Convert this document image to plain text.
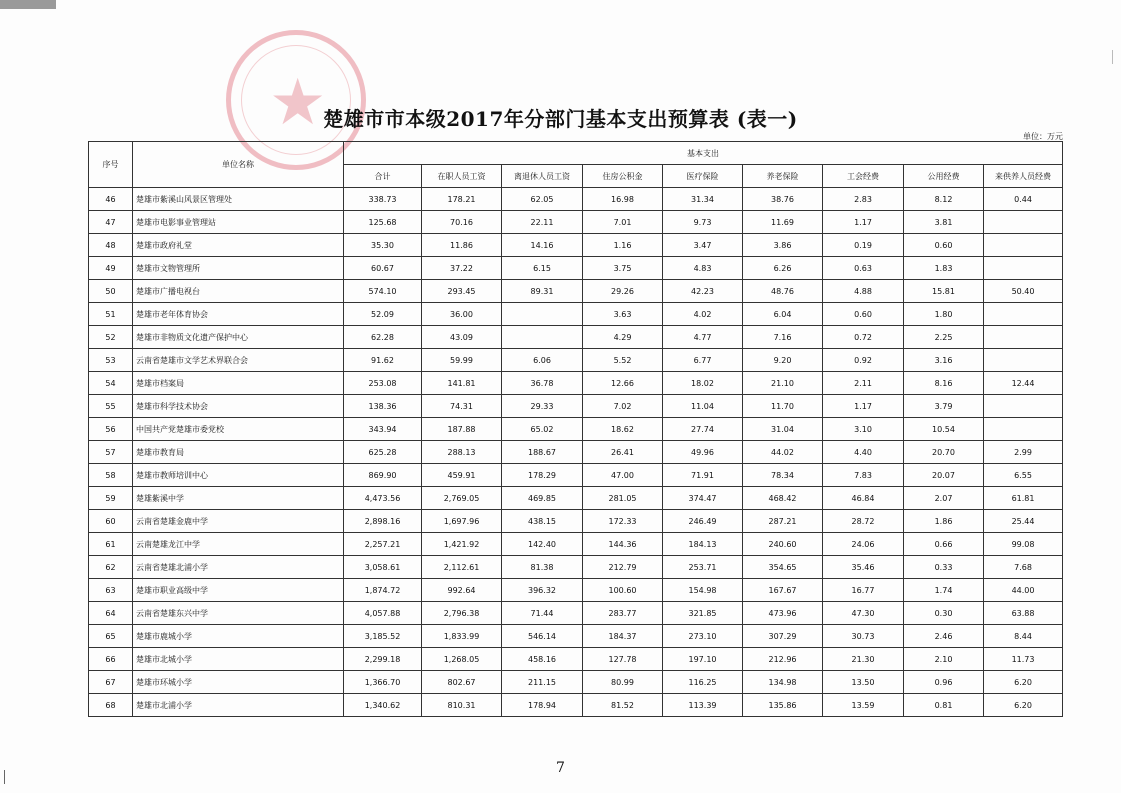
★
楚雄市市本级2017年分部门基本支出预算表 (表一)
单位：万元
序号	单位名称	基本支出								
		合计	在职人员工资	离退休人员工资	住房公积金	医疗保险	养老保险	工会经费	公用经费	来供养人员经费
46	楚雄市紫溪山风景区管理处	338.73	178.21	62.05	16.98	31.34	38.76	2.83	8.12	0.44
47	楚雄市电影事业管理站	125.68	70.16	22.11	7.01	9.73	11.69	1.17	3.81	
48	楚雄市政府礼堂	35.30	11.86	14.16	1.16	3.47	3.86	0.19	0.60	
49	楚雄市文物管理所	60.67	37.22	6.15	3.75	4.83	6.26	0.63	1.83	
50	楚雄市广播电视台	574.10	293.45	89.31	29.26	42.23	48.76	4.88	15.81	50.40
51	楚雄市老年体育协会	52.09	36.00		3.63	4.02	6.04	0.60	1.80	
52	楚雄市非物质文化遗产保护中心	62.28	43.09		4.29	4.77	7.16	0.72	2.25	
53	云南省楚雄市文学艺术界联合会	91.62	59.99	6.06	5.52	6.77	9.20	0.92	3.16	
54	楚雄市档案局	253.08	141.81	36.78	12.66	18.02	21.10	2.11	8.16	12.44
55	楚雄市科学技术协会	138.36	74.31	29.33	7.02	11.04	11.70	1.17	3.79	
56	中国共产党楚雄市委党校	343.94	187.88	65.02	18.62	27.74	31.04	3.10	10.54	
57	楚雄市教育局	625.28	288.13	188.67	26.41	49.96	44.02	4.40	20.70	2.99
58	楚雄市教师培训中心	869.90	459.91	178.29	47.00	71.91	78.34	7.83	20.07	6.55
59	楚雄紫溪中学	4,473.56	2,769.05	469.85	281.05	374.47	468.42	46.84	2.07	61.81
60	云南省楚雄金鹿中学	2,898.16	1,697.96	438.15	172.33	246.49	287.21	28.72	1.86	25.44
61	云南楚雄龙江中学	2,257.21	1,421.92	142.40	144.36	184.13	240.60	24.06	0.66	99.08
62	云南省楚雄北浦小学	3,058.61	2,112.61	81.38	212.79	253.71	354.65	35.46	0.33	7.68
63	楚雄市职业高级中学	1,874.72	992.64	396.32	100.60	154.98	167.67	16.77	1.74	44.00
64	云南省楚雄东兴中学	4,057.88	2,796.38	71.44	283.77	321.85	473.96	47.30	0.30	63.88
65	楚雄市鹿城小学	3,185.52	1,833.99	546.14	184.37	273.10	307.29	30.73	2.46	8.44
66	楚雄市北城小学	2,299.18	1,268.05	458.16	127.78	197.10	212.96	21.30	2.10	11.73
67	楚雄市环城小学	1,366.70	802.67	211.15	80.99	116.25	134.98	13.50	0.96	6.20
68	楚雄市北浦小学	1,340.62	810.31	178.94	81.52	113.39	135.86	13.59	0.81	6.20
7
